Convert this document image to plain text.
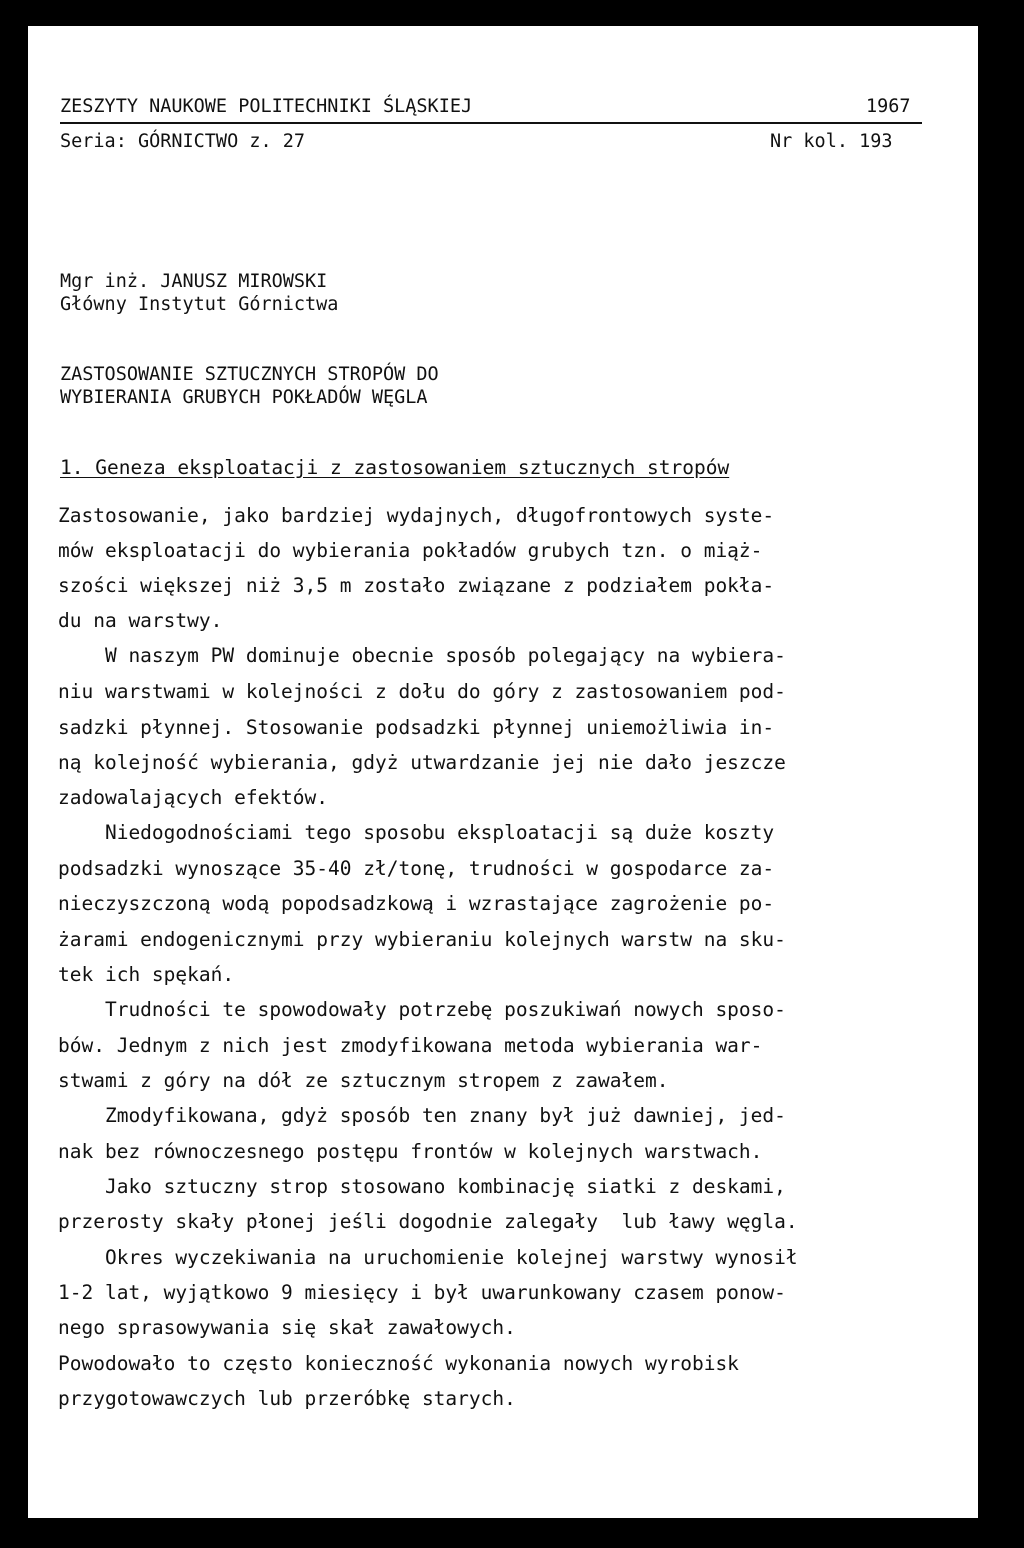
ZESZYTY NAUKOWE POLITECHNIKI ŚLĄSKIEJ	1967
Seria: GÓRNICTWO z. 27	Nr kol. 193
Mgr inż. JANUSZ MIROWSKI
Główny Instytut Górnictwa
ZASTOSOWANIE SZTUCZNYCH STROPÓW DO
WYBIERANIA GRUBYCH POKŁADÓW WĘGLA
1. Geneza eksploatacji z zastosowaniem sztucznych stropów
Zastosowanie, jako bardziej wydajnych, długofrontowych syste-
mów eksploatacji do wybierania pokładów grubych tzn. o miąż-
szości większej niż 3,5 m zostało związane z podziałem pokła-
du na warstwy.
W naszym PW dominuje obecnie sposób polegający na wybiera-
niu warstwami w kolejności z dołu do góry z zastosowaniem pod-
sadzki płynnej. Stosowanie podsadzki płynnej uniemożliwia in-
ną kolejność wybierania, gdyż utwardzanie jej nie dało jeszcze
zadowalających efektów.
Niedogodnościami tego sposobu eksploatacji są duże koszty
podsadzki wynoszące 35-40 zł/tonę, trudności w gospodarce za-
nieczyszczoną wodą popodsadzkową i wzrastające zagrożenie po-
żarami endogenicznymi przy wybieraniu kolejnych warstw na sku-
tek ich spękań.
Trudności te spowodowały potrzebę poszukiwań nowych sposo-
bów. Jednym z nich jest zmodyfikowana metoda wybierania war-
stwami z góry na dół ze sztucznym stropem z zawałem.
Zmodyfikowana, gdyż sposób ten znany był już dawniej, jed-
nak bez równoczesnego postępu frontów w kolejnych warstwach.
Jako sztuczny strop stosowano kombinację siatki z deskami,
przerosty skały płonej jeśli dogodnie zalegały  lub ławy węgla.
Okres wyczekiwania na uruchomienie kolejnej warstwy wynosił
1-2 lat, wyjątkowo 9 miesięcy i był uwarunkowany czasem ponow-
nego sprasowywania się skał zawałowych.
Powodowało to często konieczność wykonania nowych wyrobisk
przygotowawczych lub przeróbkę starych.
